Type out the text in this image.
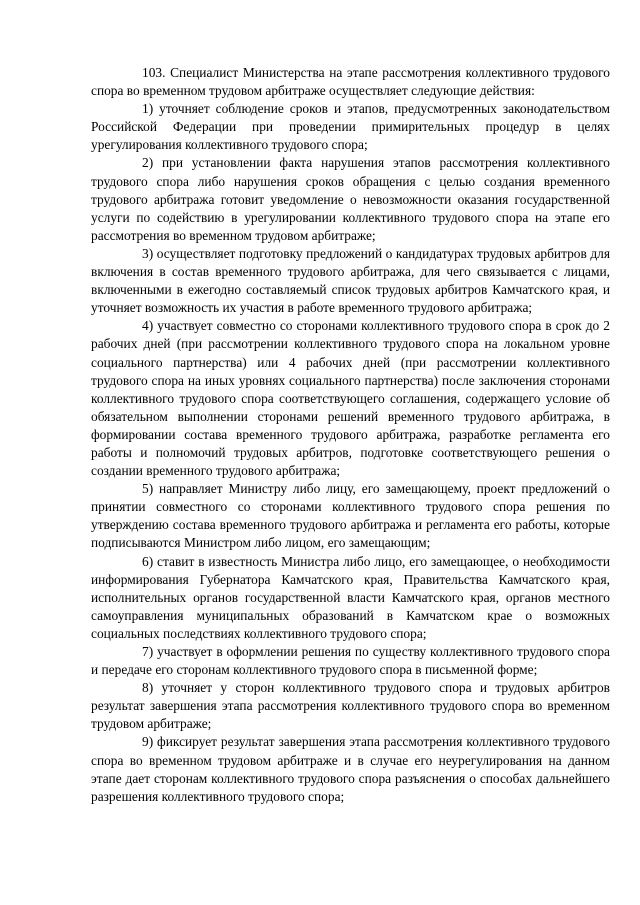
103. Специалист Министерства на этапе рассмотрения коллективного трудового спора во временном трудовом арбитраже осуществляет следующие действия:

1) уточняет соблюдение сроков и этапов, предусмотренных законодательством Российской Федерации при проведении примирительных процедур в целях урегулирования коллективного трудового спора;

2) при установлении факта нарушения этапов рассмотрения коллективного трудового спора либо нарушения сроков обращения с целью создания временного трудового арбитража готовит уведомление о невозможности оказания государственной услуги по содействию в урегулировании коллективного трудового спора на этапе его рассмотрения во временном трудовом арбитраже;

3) осуществляет подготовку предложений о кандидатурах трудовых арбитров для включения в состав временного трудового арбитража, для чего связывается с лицами, включенными в ежегодно составляемый список трудовых арбитров Камчатского края, и уточняет возможность их участия в работе временного трудового арбитража;

4) участвует совместно со сторонами коллективного трудового спора в срок до 2 рабочих дней (при рассмотрении коллективного трудового спора на локальном уровне социального партнерства) или 4 рабочих дней (при рассмотрении коллективного трудового спора на иных уровнях социального партнерства) после заключения сторонами коллективного трудового спора соответствующего соглашения, содержащего условие об обязательном выполнении сторонами решений временного трудового арбитража, в формировании состава временного трудового арбитража, разработке регламента его работы и полномочий трудовых арбитров, подготовке соответствующего решения о создании временного трудового арбитража;

5) направляет Министру либо лицу, его замещающему, проект предложений о принятии совместного со сторонами коллективного трудового спора решения по утверждению состава временного трудового арбитража и регламента его работы, которые подписываются Министром либо лицом, его замещающим;

6) ставит в известность Министра либо лицо, его замещающее, о необходимости информирования Губернатора Камчатского края, Правительства Камчатского края, исполнительных органов государственной власти Камчатского края, органов местного самоуправления муниципальных образований в Камчатском крае о возможных социальных последствиях коллективного трудового спора;

7) участвует в оформлении решения по существу коллективного трудового спора и передаче его сторонам коллективного трудового спора в письменной форме;

8) уточняет у сторон коллективного трудового спора и трудовых арбитров результат завершения этапа рассмотрения коллективного трудового спора во временном трудовом арбитраже;

9) фиксирует результат завершения этапа рассмотрения коллективного трудового спора во временном трудовом арбитраже и в случае его неурегулирования на данном этапе дает сторонам коллективного трудового спора разъяснения о способах дальнейшего разрешения коллективного трудового спора;
